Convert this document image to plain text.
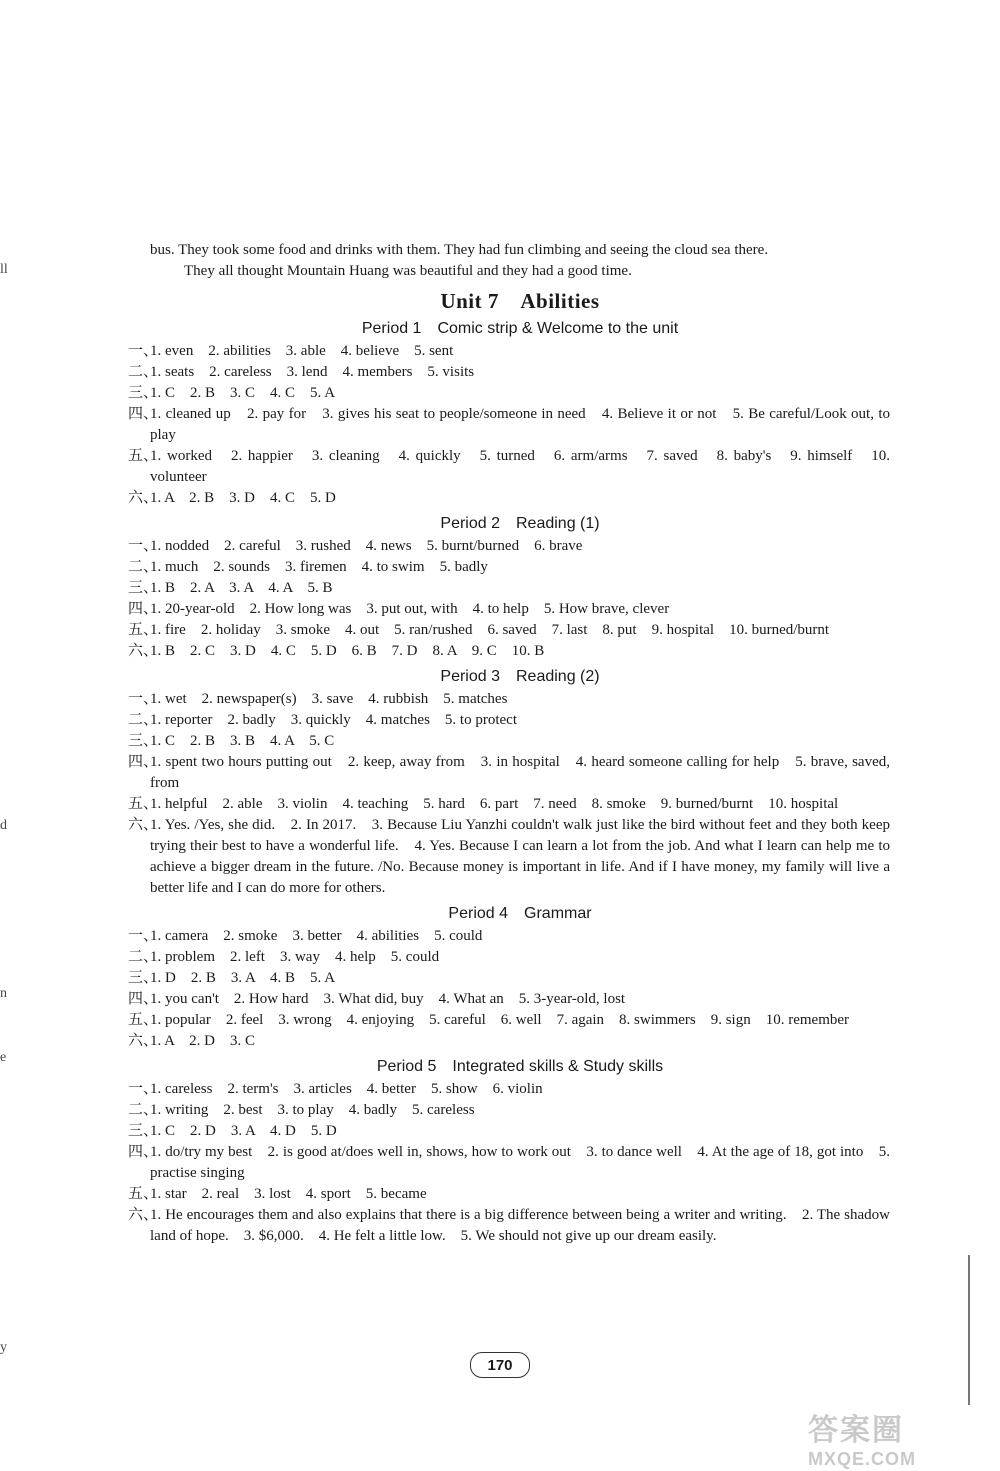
ll
d
n
e
y

bus. They took some food and drinks with them. They had fun climbing and seeing the cloud sea there.

They all thought Mountain Huang was beautiful and they had a good time.

Unit 7　Abilities
Period 1　Comic strip & Welcome to the unit
一、
1. even　2. abilities　3. able　4. believe　5. sent
二、
1. seats　2. careless　3. lend　4. members　5. visits
三、
1. C　2. B　3. C　4. C　5. A
四、
1. cleaned up　2. pay for　3. gives his seat to people/someone in need　4. Believe it or not　5. Be careful/Look out, to play
五、
1. worked　2. happier　3. cleaning　4. quickly　5. turned　6. arm/arms　7. saved　8. baby's　9. himself　10. volunteer
六、
1. A　2. B　3. D　4. C　5. D
Period 2　Reading (1)
一、
1. nodded　2. careful　3. rushed　4. news　5. burnt/burned　6. brave
二、
1. much　2. sounds　3. firemen　4. to swim　5. badly
三、
1. B　2. A　3. A　4. A　5. B
四、
1. 20-year-old　2. How long was　3. put out, with　4. to help　5. How brave, clever
五、
1. fire　2. holiday　3. smoke　4. out　5. ran/rushed　6. saved　7. last　8. put　9. hospital　10. burned/burnt
六、
1. B　2. C　3. D　4. C　5. D　6. B　7. D　8. A　9. C　10. B
Period 3　Reading (2)
一、
1. wet　2. newspaper(s)　3. save　4. rubbish　5. matches
二、
1. reporter　2. badly　3. quickly　4. matches　5. to protect
三、
1. C　2. B　3. B　4. A　5. C
四、
1. spent two hours putting out　2. keep, away from　3. in hospital　4. heard someone calling for help　5. brave, saved, from
五、
1. helpful　2. able　3. violin　4. teaching　5. hard　6. part　7. need　8. smoke　9. burned/burnt　10. hospital
六、
1. Yes. /Yes, she did.　2. In 2017.　3. Because Liu Yanzhi couldn't walk just like the bird without feet and they both keep trying their best to have a wonderful life.　4. Yes. Because I can learn a lot from the job. And what I learn can help me to achieve a bigger dream in the future. /No. Because money is important in life. And if I have money, my family will live a better life and I can do more for others.
Period 4　Grammar
一、
1. camera　2. smoke　3. better　4. abilities　5. could
二、
1. problem　2. left　3. way　4. help　5. could
三、
1. D　2. B　3. A　4. B　5. A
四、
1. you can't　2. How hard　3. What did, buy　4. What an　5. 3-year-old, lost
五、
1. popular　2. feel　3. wrong　4. enjoying　5. careful　6. well　7. again　8. swimmers　9. sign　10. remember
六、
1. A　2. D　3. C
Period 5　Integrated skills & Study skills
一、
1. careless　2. term's　3. articles　4. better　5. show　6. violin
二、
1. writing　2. best　3. to play　4. badly　5. careless
三、
1. C　2. D　3. A　4. D　5. D
四、
1. do/try my best　2. is good at/does well in, shows, how to work out　3. to dance well　4. At the age of 18, got into　5. practise singing
五、
1. star　2. real　3. lost　4. sport　5. became
六、
1. He encourages them and also explains that there is a big difference between being a writer and writing.　2. The shadow land of hope.　3. $6,000.　4. He felt a little low.　5. We should not give up our dream easily.
170
答案圈
MXQE.COM
